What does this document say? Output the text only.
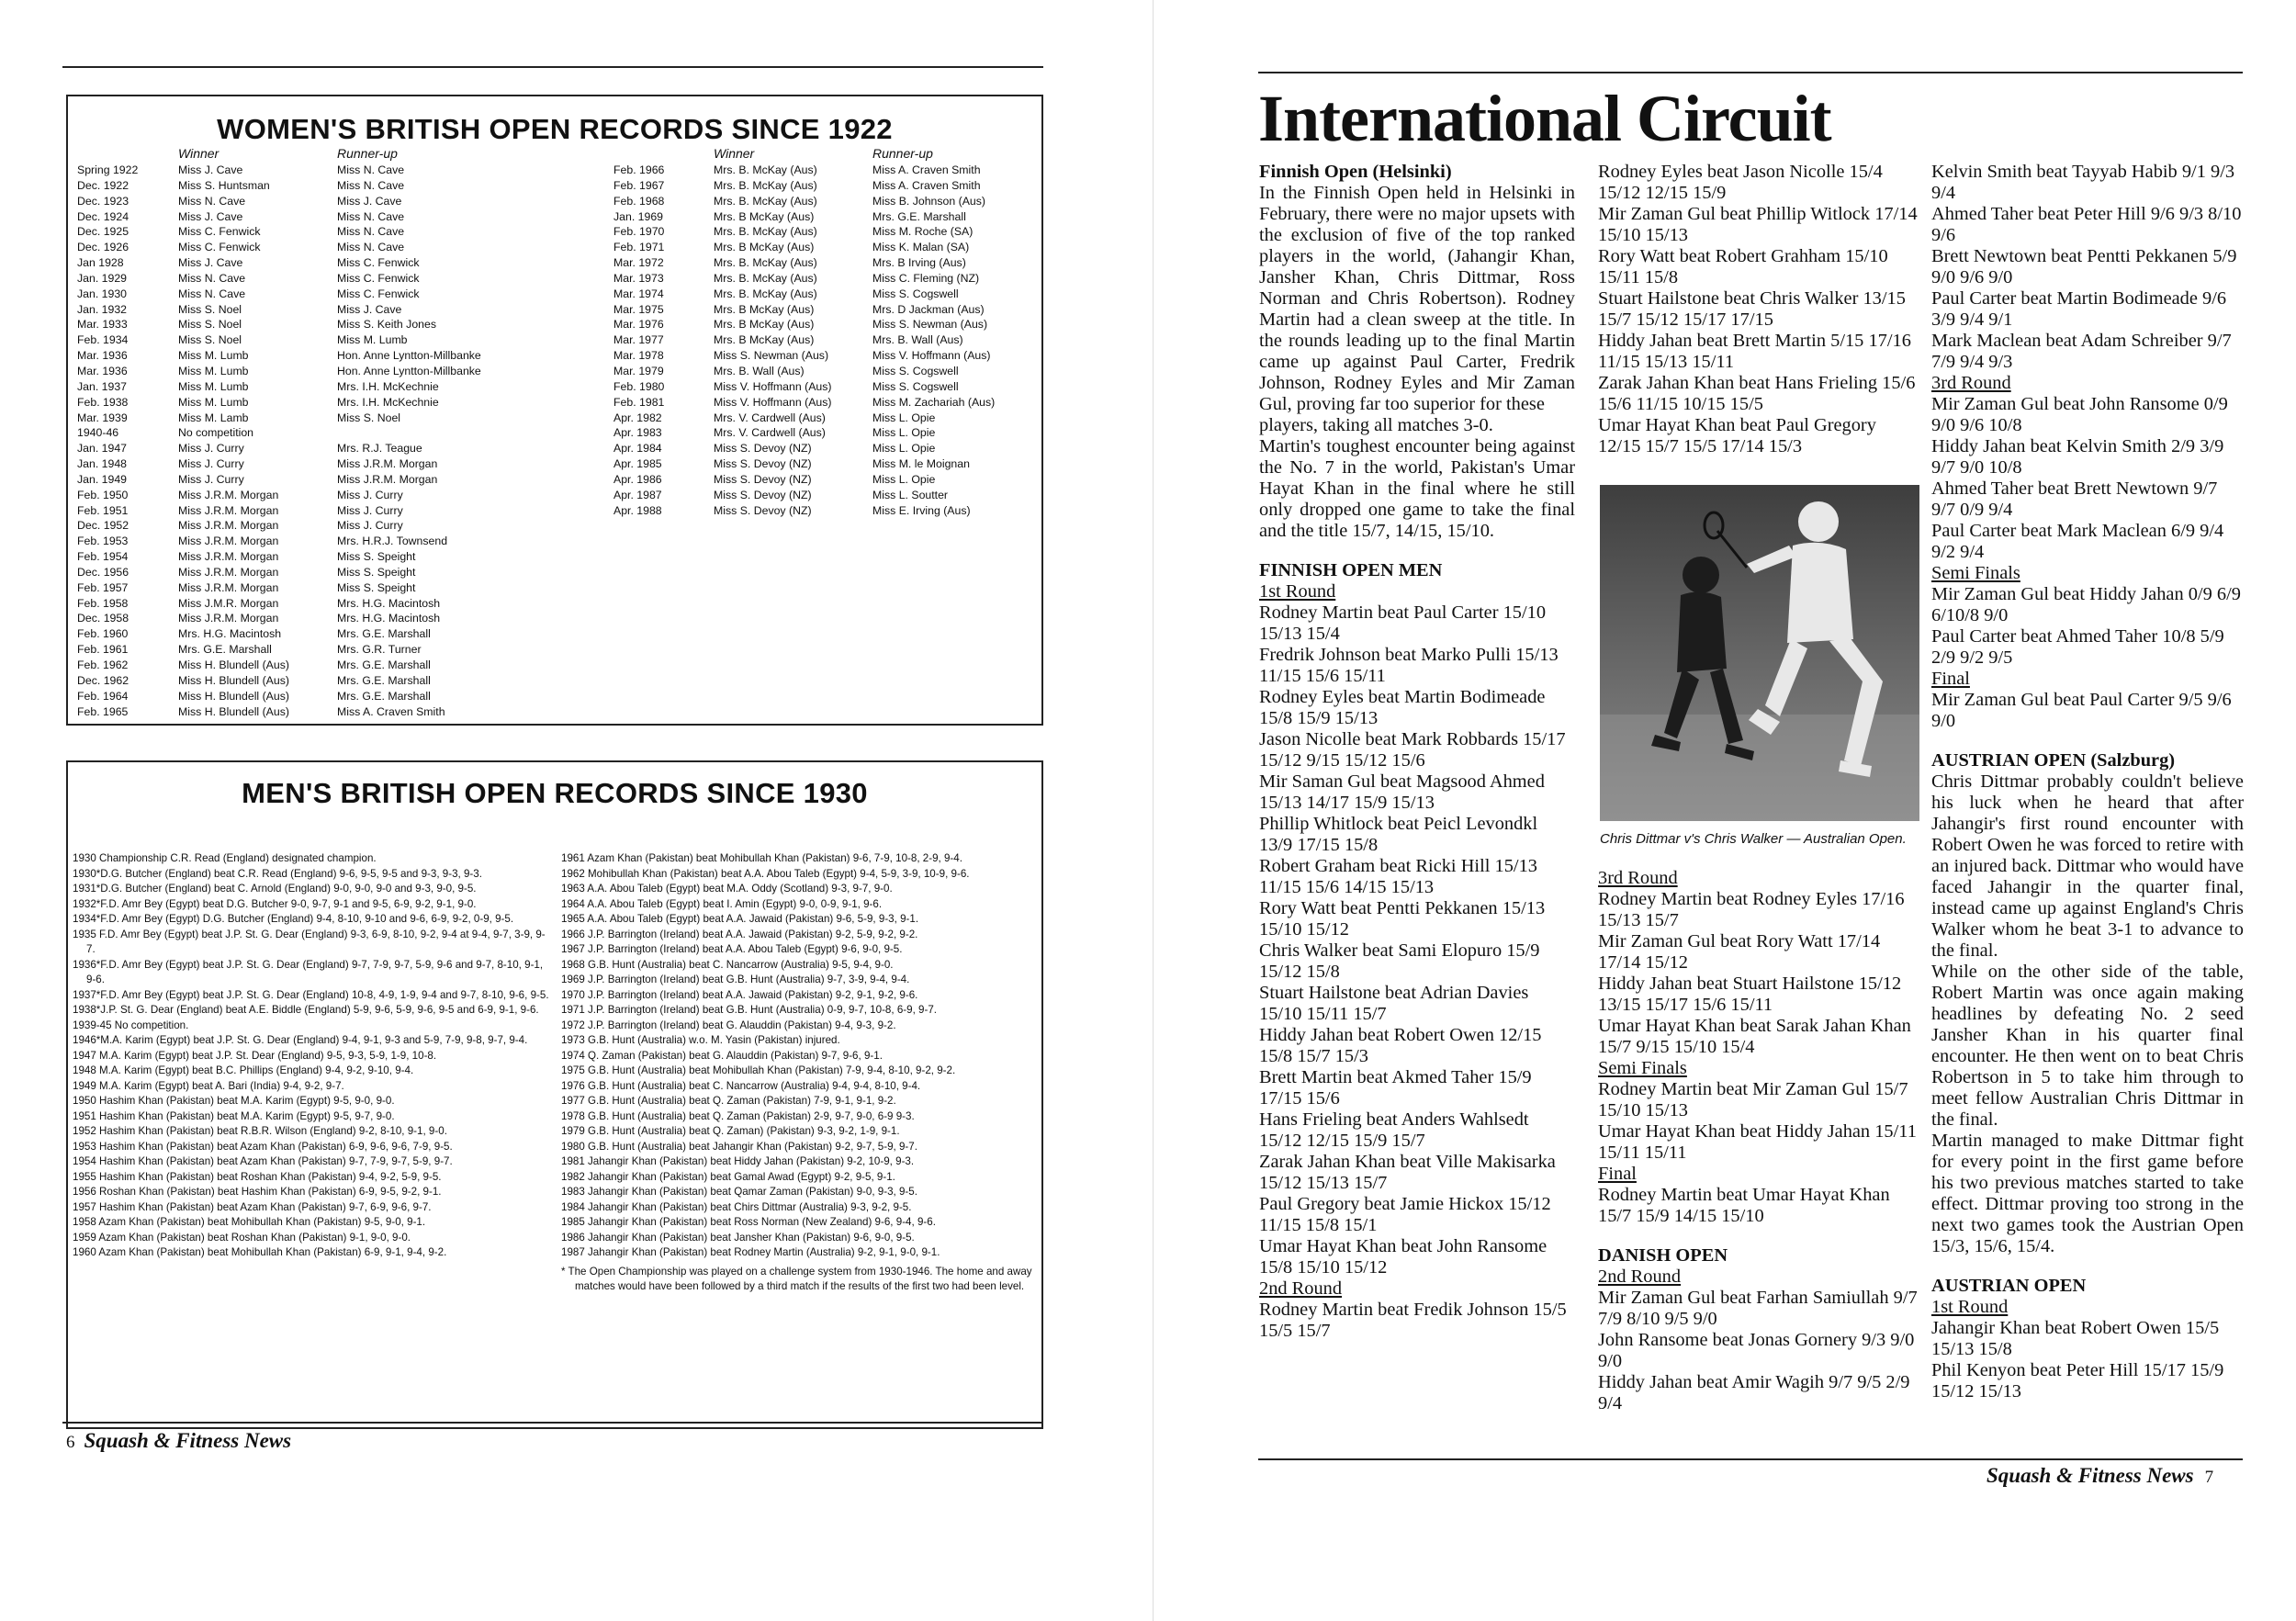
WOMEN'S BRITISH OPEN RECORDS SINCE 1922
Winner	Runner-up	Winner	Runner-up
Spring 1922	Miss J. Cave	Miss N. Cave
Dec. 1922	Miss S. Huntsman	Miss N. Cave
Dec. 1923	Miss N. Cave	Miss J. Cave
Dec. 1924	Miss J. Cave	Miss N. Cave
Dec. 1925	Miss C. Fenwick	Miss N. Cave
Dec. 1926	Miss C. Fenwick	Miss N. Cave
Jan 1928	Miss J. Cave	Miss C. Fenwick
Jan. 1929	Miss N. Cave	Miss C. Fenwick
Jan. 1930	Miss N. Cave	Miss C. Fenwick
Jan. 1932	Miss S. Noel	Miss J. Cave
Mar. 1933	Miss S. Noel	Miss S. Keith Jones
Feb. 1934	Miss S. Noel	Miss M. Lumb
Mar. 1936	Miss M. Lumb	Hon. Anne Lyntton-Millbanke
Mar. 1936	Miss M. Lumb	Hon. Anne Lyntton-Millbanke
Jan. 1937	Miss M. Lumb	Mrs. I.H. McKechnie
Feb. 1938	Miss M. Lumb	Mrs. I.H. McKechnie
Mar. 1939	Miss M. Lamb	Miss S. Noel
1940-46	No competition
Jan. 1947	Miss J. Curry	Mrs. R.J. Teague
Jan. 1948	Miss J. Curry	Miss J.R.M. Morgan
Jan. 1949	Miss J. Curry	Miss J.R.M. Morgan
Feb. 1950	Miss J.R.M. Morgan	Miss J. Curry
Feb. 1951	Miss J.R.M. Morgan	Miss J. Curry
Dec. 1952	Miss J.R.M. Morgan	Miss J. Curry
Feb. 1953	Miss J.R.M. Morgan	Mrs. H.R.J. Townsend
Feb. 1954	Miss J.R.M. Morgan	Miss S. Speight
Dec. 1956	Miss J.R.M. Morgan	Miss S. Speight
Feb. 1957	Miss J.R.M. Morgan	Miss S. Speight
Feb. 1958	Miss J.M.R. Morgan	Mrs. H.G. Macintosh
Dec. 1958	Miss J.R.M. Morgan	Mrs. H.G. Macintosh
Feb. 1960	Mrs. H.G. Macintosh	Mrs. G.E. Marshall
Feb. 1961	Mrs. G.E. Marshall	Mrs. G.R. Turner
Feb. 1962	Miss H. Blundell (Aus)	Mrs. G.E. Marshall
Dec. 1962	Miss H. Blundell (Aus)	Mrs. G.E. Marshall
Feb. 1964	Miss H. Blundell (Aus)	Mrs. G.E. Marshall
Feb. 1965	Miss H. Blundell (Aus)	Miss A. Craven Smith
Feb. 1966	Mrs. B. McKay (Aus)	Miss A. Craven Smith
Feb. 1967	Mrs. B. McKay (Aus)	Miss A. Craven Smith
Feb. 1968	Mrs. B. McKay (Aus)	Miss B. Johnson (Aus)
Jan. 1969	Mrs. B McKay (Aus)	Mrs. G.E. Marshall
Feb. 1970	Mrs. B. McKay (Aus)	Miss M. Roche (SA)
Feb. 1971	Mrs. B McKay (Aus)	Miss K. Malan (SA)
Mar. 1972	Mrs. B. McKay (Aus)	Mrs. B Irving (Aus)
Mar. 1973	Mrs. B. McKay (Aus)	Miss C. Fleming (NZ)
Mar. 1974	Mrs. B. McKay (Aus)	Miss S. Cogswell
Mar. 1975	Mrs. B McKay (Aus)	Mrs. D Jackman (Aus)
Mar. 1976	Mrs. B McKay (Aus)	Miss S. Newman (Aus)
Mar. 1977	Mrs. B McKay (Aus)	Mrs. B. Wall (Aus)
Mar. 1978	Miss S. Newman (Aus)	Miss V. Hoffmann (Aus)
Mar. 1979	Mrs. B. Wall (Aus)	Miss S. Cogswell
Feb. 1980	Miss V. Hoffmann (Aus)	Miss S. Cogswell
Feb. 1981	Miss V. Hoffmann (Aus)	Miss M. Zachariah (Aus)
Apr. 1982	Mrs. V. Cardwell (Aus)	Miss L. Opie
Apr. 1983	Mrs. V. Cardwell (Aus)	Miss L. Opie
Apr. 1984	Miss S. Devoy (NZ)	Miss L. Opie
Apr. 1985	Miss S. Devoy (NZ)	Miss M. le Moignan
Apr. 1986	Miss S. Devoy (NZ)	Miss L. Opie
Apr. 1987	Miss S. Devoy (NZ)	Miss L. Soutter
Apr. 1988	Miss S. Devoy (NZ)	Miss E. Irving (Aus)
MEN'S BRITISH OPEN RECORDS SINCE 1930
1930 Championship C.R. Read (England) designated champion.
1930*D.G. Butcher (England) beat C.R. Read (England) 9-6, 9-5, 9-5 and 9-3, 9-3, 9-3.
1931*D.G. Butcher (England) beat C. Arnold (England) 9-0, 9-0, 9-0 and 9-3, 9-0, 9-5.
1932*F.D. Amr Bey (Egypt) beat D.G. Butcher 9-0, 9-7, 9-1 and 9-5, 6-9, 9-2, 9-1, 9-0.
1934*F.D. Amr Bey (Egypt) D.G. Butcher (England) 9-4, 8-10, 9-10 and 9-6, 6-9, 9-2, 0-9, 9-5.
1935 F.D. Amr Bey (Egypt) beat J.P. St. G. Dear (England) 9-3, 6-9, 8-10, 9-2, 9-4 at 9-4, 9-7, 3-9, 9-7.
1936*F.D. Amr Bey (Egypt) beat J.P. St. G. Dear (England) 9-7, 7-9, 9-7, 5-9, 9-6 and 9-7, 8-10, 9-1, 9-6.
1937*F.D. Amr Bey (Egypt) beat J.P. St. G. Dear (England) 10-8, 4-9, 1-9, 9-4 and 9-7, 8-10, 9-6, 9-5.
1938*J.P. St. G. Dear (England) beat A.E. Biddle (England) 5-9, 9-6, 5-9, 9-6, 9-5 and 6-9, 9-1, 9-6.
1939-45 No competition.
1946*M.A. Karim (Egypt) beat J.P. St. G. Dear (England) 9-4, 9-1, 9-3 and 5-9, 7-9, 9-8, 9-7, 9-4.
1947 M.A. Karim (Egypt) beat J.P. St. Dear (England) 9-5, 9-3, 5-9, 1-9, 10-8.
1948 M.A. Karim (Egypt) beat B.C. Phillips (England) 9-4, 9-2, 9-10, 9-4.
1949 M.A. Karim (Egypt) beat A. Bari (India) 9-4, 9-2, 9-7.
1950 Hashim Khan (Pakistan) beat M.A. Karim (Egypt) 9-5, 9-0, 9-0.
1951 Hashim Khan (Pakistan) beat M.A. Karim (Egypt) 9-5, 9-7, 9-0.
1952 Hashim Khan (Pakistan) beat R.B.R. Wilson (England) 9-2, 8-10, 9-1, 9-0.
1953 Hashim Khan (Pakistan) beat Azam Khan (Pakistan) 6-9, 9-6, 9-6, 7-9, 9-5.
1954 Hashim Khan (Pakistan) beat Azam Khan (Pakistan) 9-7, 7-9, 9-7, 5-9, 9-7.
1955 Hashim Khan (Pakistan) beat Roshan Khan (Pakistan) 9-4, 9-2, 5-9, 9-5.
1956 Roshan Khan (Pakistan) beat Hashim Khan (Pakistan) 6-9, 9-5, 9-2, 9-1.
1957 Hashim Khan (Pakistan) beat Azam Khan (Pakistan) 9-7, 6-9, 9-6, 9-7.
1958 Azam Khan (Pakistan) beat Mohibullah Khan (Pakistan) 9-5, 9-0, 9-1.
1959 Azam Khan (Pakistan) beat Roshan Khan (Pakistan) 9-1, 9-0, 9-0.
1960 Azam Khan (Pakistan) beat Mohibullah Khan (Pakistan) 6-9, 9-1, 9-4, 9-2.
1961 Azam Khan (Pakistan) beat Mohibullah Khan (Pakistan) 9-6, 7-9, 10-8, 2-9, 9-4.
1962 Mohibullah Khan (Pakistan) beat A.A. Abou Taleb (Egypt) 9-4, 5-9, 3-9, 10-9, 9-6.
1963 A.A. Abou Taleb (Egypt) beat M.A. Oddy (Scotland) 9-3, 9-7, 9-0.
1964 A.A. Abou Taleb (Egypt) beat I. Amin (Egypt) 9-0, 0-9, 9-1, 9-6.
1965 A.A. Abou Taleb (Egypt) beat A.A. Jawaid (Pakistan) 9-6, 5-9, 9-3, 9-1.
1966 J.P. Barrington (Ireland) beat A.A. Jawaid (Pakistan) 9-2, 5-9, 9-2, 9-2.
1967 J.P. Barrington (Ireland) beat A.A. Abou Taleb (Egypt) 9-6, 9-0, 9-5.
1968 G.B. Hunt (Australia) beat C. Nancarrow (Australia) 9-5, 9-4, 9-0.
1969 J.P. Barrington (Ireland) beat G.B. Hunt (Australia) 9-7, 3-9, 9-4, 9-4.
1970 J.P. Barrington (Ireland) beat A.A. Jawaid (Pakistan) 9-2, 9-1, 9-2, 9-6.
1971 J.P. Barrington (Ireland) beat G.B. Hunt (Australia) 0-9, 9-7, 10-8, 6-9, 9-7.
1972 J.P. Barrington (Ireland) beat G. Alauddin (Pakistan) 9-4, 9-3, 9-2.
1973 G.B. Hunt (Australia) w.o. M. Yasin (Pakistan) injured.
1974 Q. Zaman (Pakistan) beat G. Alauddin (Pakistan) 9-7, 9-6, 9-1.
1975 G.B. Hunt (Australia) beat Mohibullah Khan (Pakistan) 7-9, 9-4, 8-10, 9-2, 9-2.
1976 G.B. Hunt (Australia) beat C. Nancarrow (Australia) 9-4, 9-4, 8-10, 9-4.
1977 G.B. Hunt (Australia) beat Q. Zaman (Pakistan) 7-9, 9-1, 9-1, 9-2.
1978 G.B. Hunt (Australia) beat Q. Zaman (Pakistan) 2-9, 9-7, 9-0, 6-9 9-3.
1979 G.B. Hunt (Australia) beat Q. Zaman) (Pakistan) 9-3, 9-2, 1-9, 9-1.
1980 G.B. Hunt (Australia) beat Jahangir Khan (Pakistan) 9-2, 9-7, 5-9, 9-7.
1981 Jahangir Khan (Pakistan) beat Hiddy Jahan (Pakistan) 9-2, 10-9, 9-3.
1982 Jahangir Khan (Pakistan) beat Gamal Awad (Egypt) 9-2, 9-5, 9-1.
1983 Jahangir Khan (Pakistan) beat Qamar Zaman (Pakistan) 9-0, 9-3, 9-5.
1984 Jahangir Khan (Pakistan) beat Chirs Dittmar (Australia) 9-3, 9-2, 9-5.
1985 Jahangir Khan (Pakistan) beat Ross Norman (New Zealand) 9-6, 9-4, 9-6.
1986 Jahangir Khan (Pakistan) beat Jansher Khan (Pakistan) 9-6, 9-0, 9-5.
1987 Jahangir Khan (Pakistan) beat Rodney Martin (Australia) 9-2, 9-1, 9-0, 9-1.
* The Open Championship was played on a challenge system from 1930-1946. The home and away matches would have been followed by a third match if the results of the first two had been level.
6 Squash & Fitness News
International Circuit
Finnish Open (Helsinki)
In the Finnish Open held in Helsinki in February, there were no major upsets with the exclusion of five of the top ranked players in the world, (Jahangir Khan, Jansher Khan, Chris Dittmar, Ross Norman and Chris Robertson). Rodney Martin had a clean sweep at the title. In the rounds leading up to the final Martin came up against Paul Carter, Fredrik Johnson, Rodney Eyles and Mir Zaman Gul, proving far too superior for these
players, taking all matches 3-0.
Martin's toughest encounter being against the No. 7 in the world, Pakistan's Umar Hayat Khan in the final where he still only dropped one game to take the final and the title 15/7, 14/15, 15/10.
FINNISH OPEN MEN
1st Round
Rodney Martin beat Paul Carter 15/10 15/13 15/4
Fredrik Johnson beat Marko Pulli 15/13 11/15 15/6 15/11
Rodney Eyles beat Martin Bodimeade 15/8 15/9 15/13
Jason Nicolle beat Mark Robbards 15/17 15/12 9/15 15/12 15/6
Mir Saman Gul beat Magsood Ahmed 15/13 14/17 15/9 15/13
Phillip Whitlock beat Peicl Levondkl 13/9 17/15 15/8
Robert Graham beat Ricki Hill 15/13 11/15 15/6 14/15 15/13
Rory Watt beat Pentti Pekkanen 15/13 15/10 15/12
Chris Walker beat Sami Elopuro 15/9 15/12 15/8
Stuart Hailstone beat Adrian Davies 15/10 15/11 15/7
Hiddy Jahan beat Robert Owen 12/15 15/8 15/7 15/3
Brett Martin beat Akmed Taher 15/9 17/15 15/6
Hans Frieling beat Anders Wahlsedt 15/12 12/15 15/9 15/7
Zarak Jahan Khan beat Ville Makisarka 15/12 15/13 15/7
Paul Gregory beat Jamie Hickox 15/12 11/15 15/8 15/1
Umar Hayat Khan beat John Ransome 15/8 15/10 15/12
2nd Round
Rodney Martin beat Fredik Johnson 15/5 15/5 15/7
Rodney Eyles beat Jason Nicolle 15/4 15/12 12/15 15/9
Mir Zaman Gul beat Phillip Witlock 17/14 15/10 15/13
Rory Watt beat Robert Grahham 15/10 15/11 15/8
Stuart Hailstone beat Chris Walker 13/15 15/7 15/12 15/17 17/15
Hiddy Jahan beat Brett Martin 5/15 17/16 11/15 15/13 15/11
Zarak Jahan Khan beat Hans Frieling 15/6 15/6 11/15 10/15 15/5
Umar Hayat Khan beat Paul Gregory 12/15 15/7 15/5 17/14 15/3
Chris Dittmar v's Chris Walker — Australian Open.
3rd Round
Rodney Martin beat Rodney Eyles 17/16 15/13 15/7
Mir Zaman Gul beat Rory Watt 17/14 17/14 15/12
Hiddy Jahan beat Stuart Hailstone 15/12 13/15 15/17 15/6 15/11
Umar Hayat Khan beat Sarak Jahan Khan 15/7 9/15 15/10 15/4
Semi Finals
Rodney Martin beat Mir Zaman Gul 15/7 15/10 15/13
Umar Hayat Khan beat Hiddy Jahan 15/11 15/11 15/11
Final
Rodney Martin beat Umar Hayat Khan 15/7 15/9 14/15 15/10
DANISH OPEN
2nd Round
Mir Zaman Gul beat Farhan Samiullah 9/7 7/9 8/10 9/5 9/0
John Ransome beat Jonas Gornery 9/3 9/0 9/0
Hiddy Jahan beat Amir Wagih 9/7 9/5 2/9 9/4
Kelvin Smith beat Tayyab Habib 9/1 9/3 9/4
Ahmed Taher beat Peter Hill 9/6 9/3 8/10 9/6
Brett Newtown beat Pentti Pekkanen 5/9 9/0 9/6 9/0
Paul Carter beat Martin Bodimeade 9/6 3/9 9/4 9/1
Mark Maclean beat Adam Schreiber 9/7 7/9 9/4 9/3
3rd Round
Mir Zaman Gul beat John Ransome 0/9 9/0 9/6 10/8
Hiddy Jahan beat Kelvin Smith 2/9 3/9 9/7 9/0 10/8
Ahmed Taher beat Brett Newtown 9/7 9/7 0/9 9/4
Paul Carter beat Mark Maclean 6/9 9/4 9/2 9/4
Semi Finals
Mir Zaman Gul beat Hiddy Jahan 0/9 6/9 6/10/8 9/0
Paul Carter beat Ahmed Taher 10/8 5/9 2/9 9/2 9/5
Final
Mir Zaman Gul beat Paul Carter 9/5 9/6 9/0
AUSTRIAN OPEN (Salzburg)
Chris Dittmar probably couldn't believe his luck when he heard that after Jahangir's first round encounter with Robert Owen he was forced to retire with an injured back. Dittmar who would have faced Jahangir in the quarter final, instead came up against England's Chris Walker whom he beat 3-1 to advance to the final.
While on the other side of the table, Robert Martin was once again making headlines by defeating No. 2 seed Jansher Khan in his quarter final encounter. He then went on to beat Chris Robertson in 5 to take him through to meet fellow Australian Chris Dittmar in the final.
Martin managed to make Dittmar fight for every point in the first game before his two previous matches started to take effect. Dittmar proving too strong in the next two games took the Austrian Open 15/3, 15/6, 15/4.
AUSTRIAN OPEN
1st Round
Jahangir Khan beat Robert Owen 15/5 15/13 15/8
Phil Kenyon beat Peter Hill 15/17 15/9 15/12 15/13
Squash & Fitness News 7
